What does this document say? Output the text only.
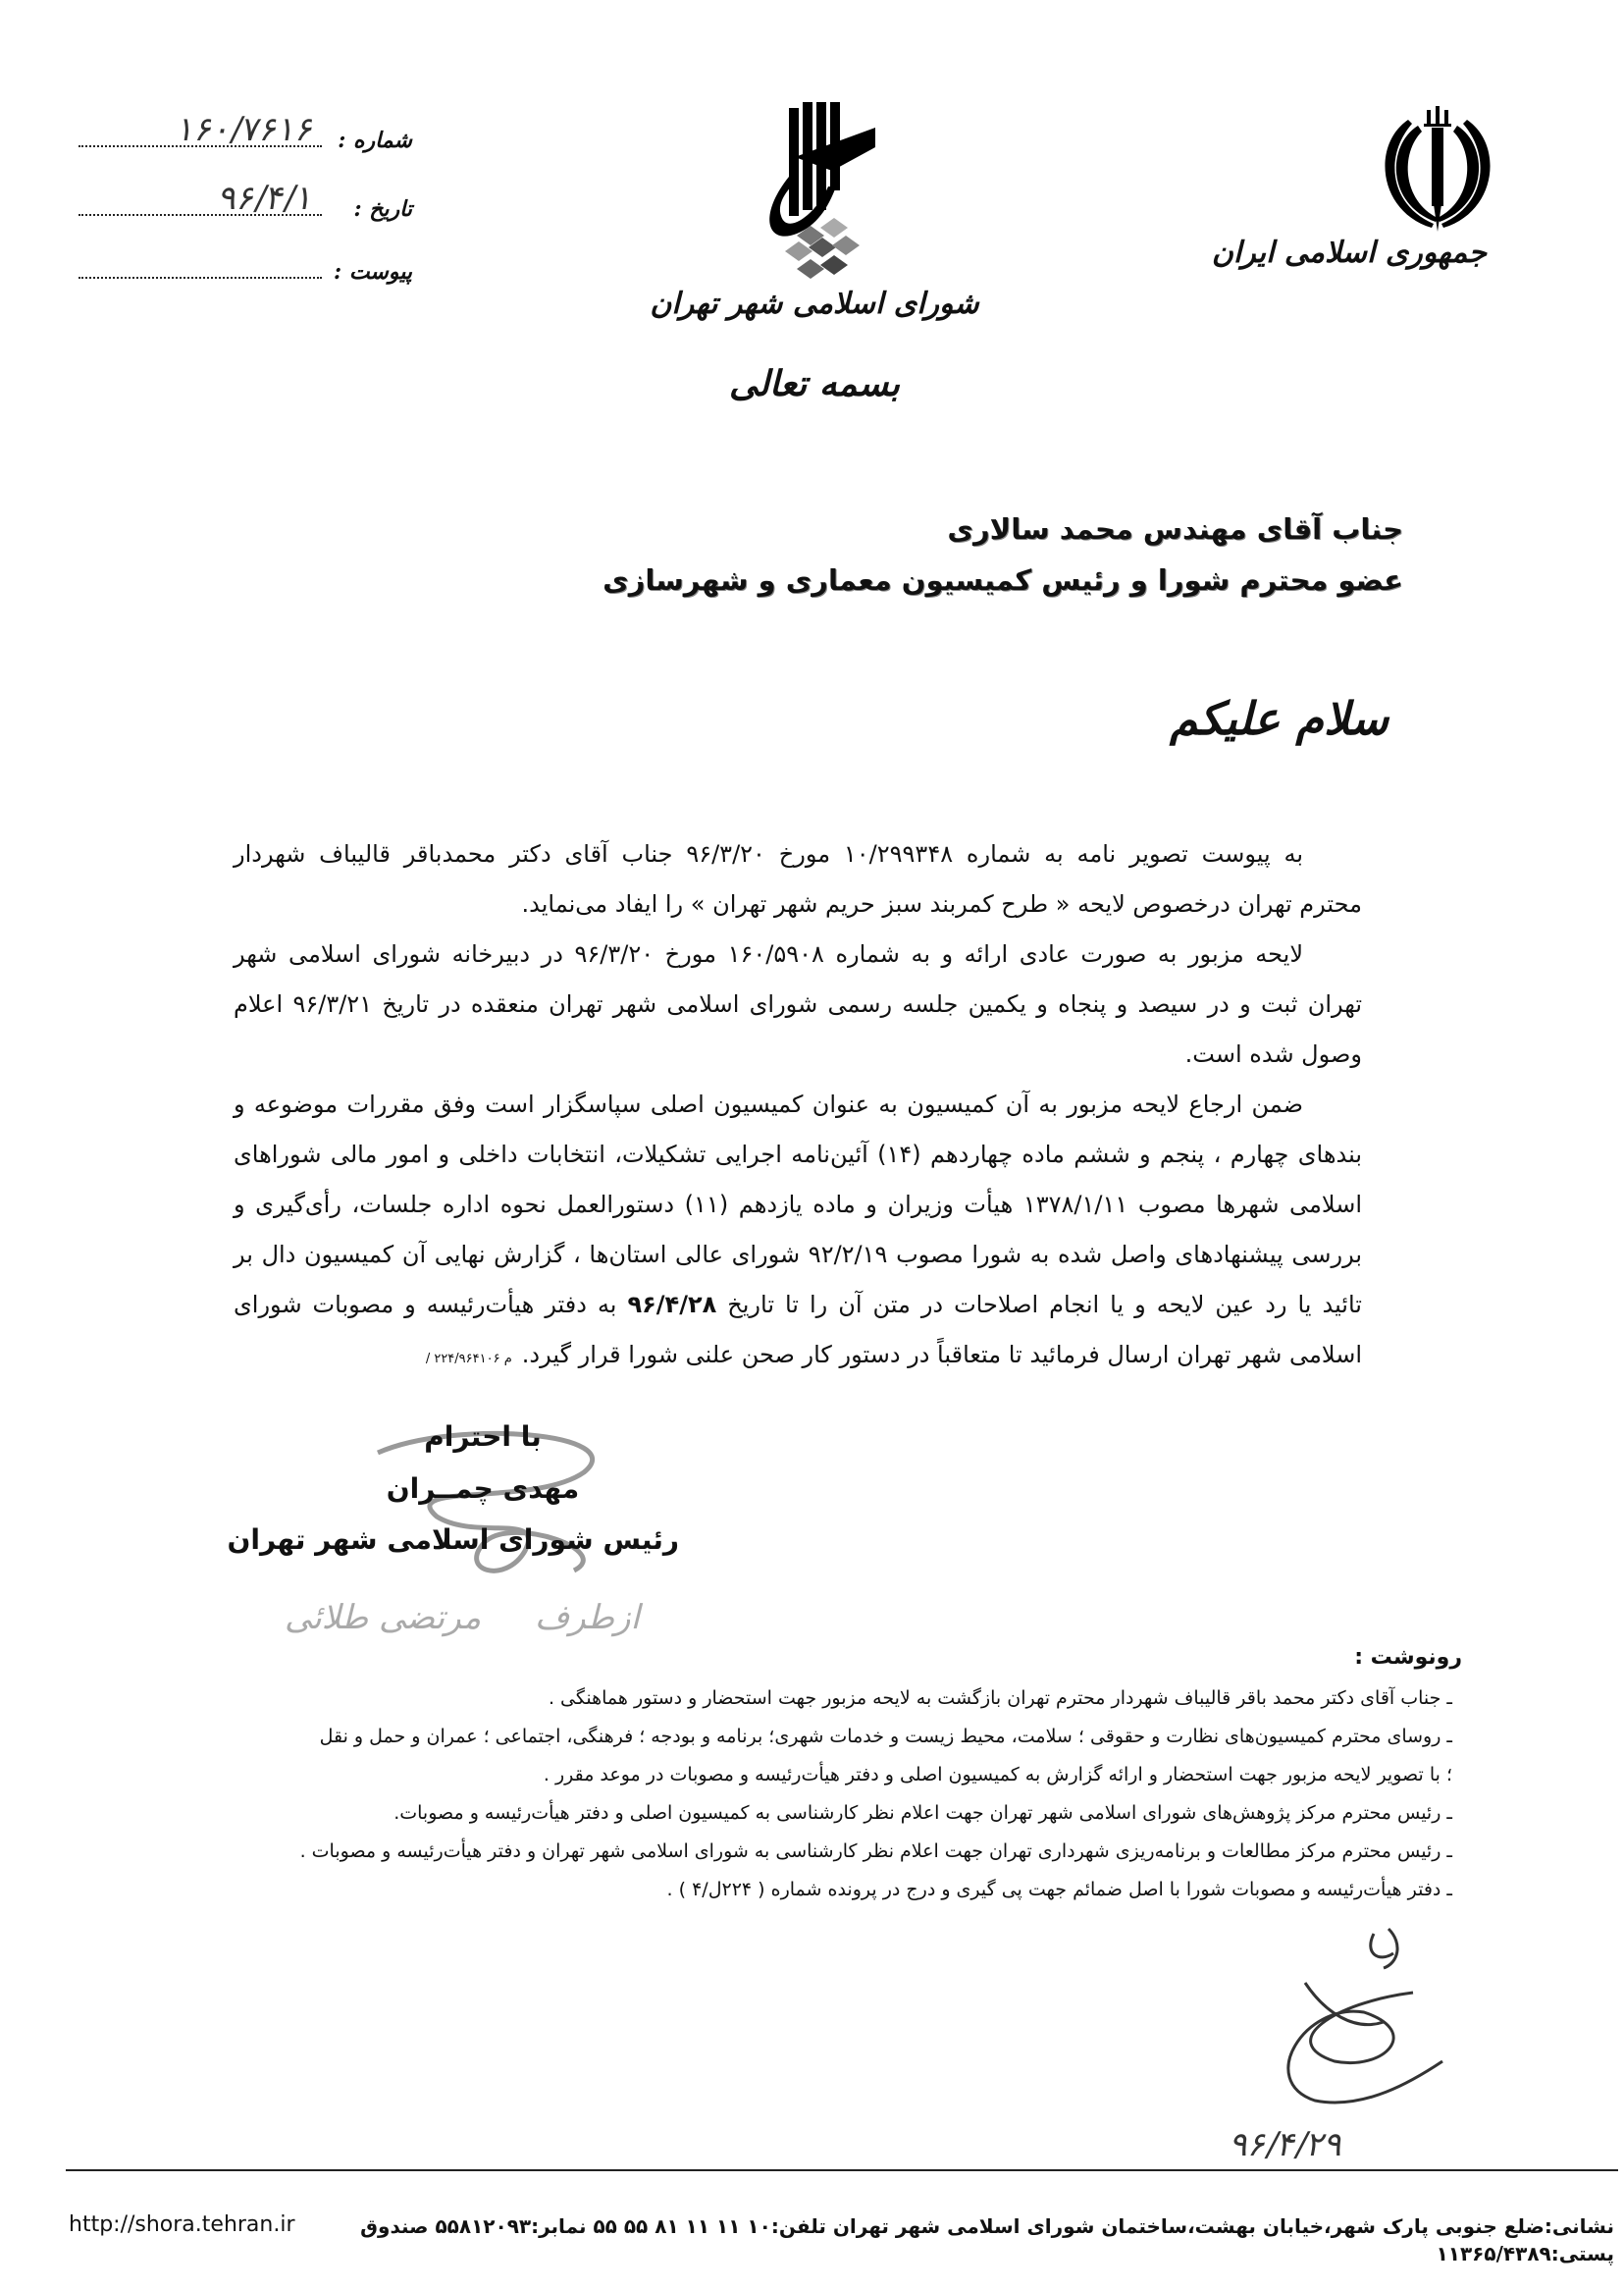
جمهوری اسلامی ایران
شورای اسلامی شهر تهران
بسمه تعالی
۱۶۰/۷۶۱۶ شماره :
۹۶/۴/۱ تاریخ :
پیوست :
جناب آقای مهندس محمد سالاری
عضو محترم شورا و رئیس کمیسیون معماری و شهرسازی
سلام علیکم
به پیوست تصویر نامه به شماره ۱۰/۲۹۹۳۴۸ مورخ ۹۶/۳/۲۰ جناب آقای دکتر محمدباقر قالیباف شهردار
محترم تهران درخصوص لایحه « طرح کمربند سبز حریم شهر تهران » را ایفاد می‌نماید.
لایحه مزبور به صورت عادی ارائه و به شماره ۱۶۰/۵۹۰۸ مورخ ۹۶/۳/۲۰ در دبیرخانه شورای اسلامی شهر
تهران ثبت و در سیصد و پنجاه و یکمین جلسه رسمی شورای اسلامی شهر تهران منعقده در تاریخ ۹۶/۳/۲۱ اعلام
وصول شده است.
ضمن ارجاع لایحه مزبور به آن کمیسیون به عنوان کمیسیون اصلی سپاسگزار است وفق مقررات موضوعه و
بندهای چهارم ، پنجم و ششم ماده چهاردهم (۱۴) آئین‌نامه اجرایی تشکیلات، انتخابات داخلی و امور مالی شوراهای
اسلامی شهرها مصوب ۱۳۷۸/۱/۱۱ هیأت وزیران و ماده یازدهم (۱۱) دستورالعمل نحوه اداره جلسات، رأی‌گیری و
بررسی پیشنهادهای واصل شده به شورا مصوب ۹۲/۲/۱۹ شورای عالی استان‌ها ، گزارش نهایی آن کمیسیون دال بر
تائید یا رد عین لایحه و یا انجام اصلاحات در متن آن را تا تاریخ ۹۶/۴/۲۸ به دفتر هیأت‌رئیسه و مصوبات شورای
اسلامی شهر تهران ارسال فرمائید تا متعاقباً در دستور کار صحن علنی شورا قرار گیرد.م ۲۲۴/۹۶۴۱۰۶ /
با احترام
مهدی چمــران
رئیس شورای اسلامی شهر تهران
ازطرف
مرتضی طلائی
رونوشت :
ـ جناب آقای دکتر محمد باقر قالیباف شهردار محترم تهران بازگشت به لایحه مزبور جهت استحضار و دستور هماهنگی .
ـ روسای محترم کمیسیون‌های نظارت و حقوقی ؛ سلامت، محیط زیست و خدمات شهری؛ برنامه و بودجه ؛ فرهنگی، اجتماعی ؛ عمران و حمل و نقل
؛ با تصویر لایحه مزبور جهت استحضار و ارائه گزارش به کمیسیون اصلی و دفتر هیأت‌رئیسه و مصوبات در موعد مقرر .
ـ رئیس محترم مرکز پژوهش‌های شورای اسلامی شهر تهران جهت اعلام نظر کارشناسی به کمیسیون اصلی و دفتر هیأت‌رئیسه و مصوبات.
ـ رئیس محترم مرکز مطالعات و برنامه‌ریزی شهرداری تهران جهت اعلام نظر کارشناسی به شورای اسلامی شهر تهران و دفتر هیأت‌رئیسه و مصوبات .
ـ دفتر هیأت‌رئیسه و مصوبات شورا با اصل ضمائم جهت پی گیری و درج در پرونده شماره ( ۲۲۴ل/۴ ) .
۹۶/۴/۲۹
نشانی:ضلع جنوبی پارک شهر،خیابان بهشت،ساختمان شورای اسلامی شهر تهران تلفن:۱۰ ۱۱ ۱۱ ۸۱ ۵۵ ۵۵ نمابر:۵۵۸۱۲۰۹۳ صندوق پستی:۱۱۳۶۵/۴۳۸۹
http://shora.tehran.ir
